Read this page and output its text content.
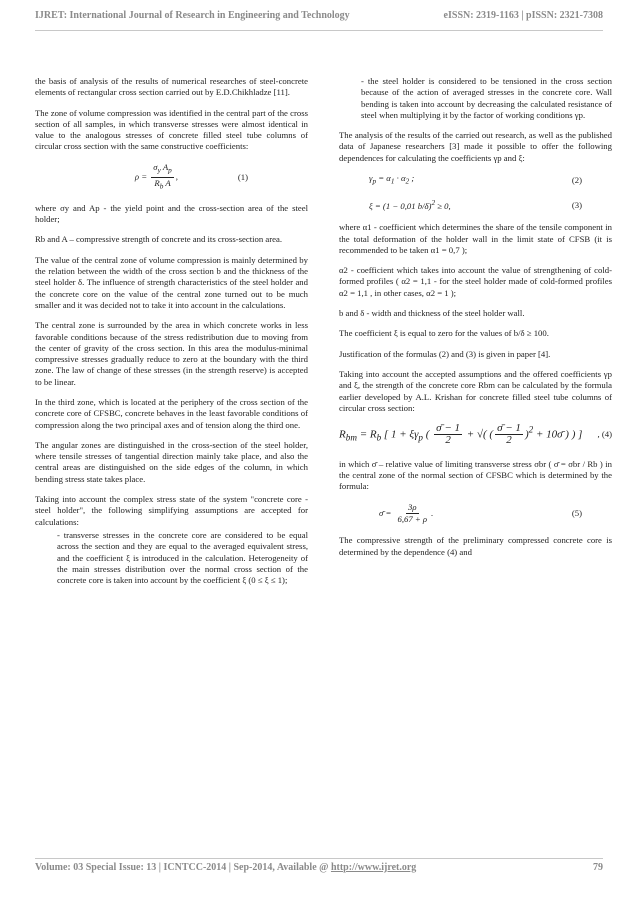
IJRET: International Journal of Research in Engineering and Technology	eISSN: 2319-1163 | pISSN: 2321-7308

the basis of analysis of the results of numerical researches of steel-concrete elements of rectangular cross section carried out by E.D.Chikhladze [11].

The zone of volume compression was identified in the central part of the cross section of all samples, in which transverse stresses were almost identical in value to the analogous stresses of concrete filled steel tube columns of circular cross section with the same constructive coefficients:

$\rho = \frac{\sigma_y A_p}{R_b A}$ ,	(1)

where σy and Ap - the yield point and the cross-section area of the steel holder;

Rb and A – compressive strength of concrete and its cross-section area.

The value of the central zone of volume compression is mainly determined by the relation between the width of the cross section b and the thickness of the steel holder δ. The influence of strength characteristics of the steel holder and the concrete core on the value of the central zone turned out to be much smaller and it was decided not to take it into account in the calculations.

The central zone is surrounded by the area in which concrete works in less favorable conditions because of the stress redistribution due to moving from the center of gravity of the cross section. In this area the modulus-minimal compressive stresses gradually reduce to zero at the boundary with the third zone. The law of change of these stresses (in the strength reserve) is accepted to be linear.

In the third zone, which is located at the periphery of the cross section of the concrete core of CFSBC, concrete behaves in the least favorable conditions of compression along the two principal axes and of tension along the third one.

The angular zones are distinguished in the cross-section of the steel holder, where tensile stresses of tangential direction mainly take place, and also the central areas are distinguished on the side edges of the column, in which bending stress state takes place.

Taking into account the complex stress state of the system "concrete core - steel holder", the following simplifying assumptions are accepted for calculations:

- transverse stresses in the concrete core are considered to be equal across the section and they are equal to the averaged equivalent stress, and the coefficient ξ is introduced in the calculation. Heterogeneity of the main stresses distribution over the normal cross section of the concrete core is taken into account by the coefficient ξ (0 ≤ ξ ≤ 1);

- the steel holder is considered to be tensioned in the cross section because of the action of averaged stresses in the concrete core. Wall bending is taken into account by decreasing the calculated resistance of steel when multiplying it by the factor of working conditions γp.

The analysis of the results of the carried out research, as well as the published data of Japanese researchers [3] made it possible to offer the following dependences for calculating the coefficients γp and ξ:

$\gamma_p = \alpha_1 \cdot \alpha_2$ ;	(2)
ξ = (1 − 0,01 b/δ)$^2$ ≥ 0,	(3)

where α1 - coefficient which determines the share of the tensile component in the total deformation of the holder wall in the limit state of CFSB (it is recommended to be taken α1 = 0,7 );

α2 - coefficient which takes into account the value of strengthening of cold-formed profiles ( α2 = 1,1 - for the steel holder made of cold-formed profiles α2 = 1,1 , in other cases, α2 = 1 );

b and δ - width and thickness of the steel holder wall.

The coefficient ξ is equal to zero for the values of b/δ ≥ 100.

Justification of the formulas (2) and (3) is given in paper [4].

Taking into account the accepted assumptions and the offered coefficients γp and ξ, the strength of the concrete core Rbm can be calculated by the formula earlier developed by A.L. Krishan for concrete filled steel tube columns of circular cross section:

$R_{bm} = R_b$ [ $1 + \xi\gamma_p$ ( $\frac{\sigmā - 1}{2}$ + √( ( $\frac{\sigmā - 1}{2} )^2$ + 10σ̄ ) ) ] , (4)

in which σ̄ – relative value of limiting transverse stress σbr ( σ̄ = σbr / Rb ) in the central zone of the normal section of CFSBC which is determined by the formula:

σ̄ = $\frac{3\rho}{6,67 + \rho}$ .	(5)

The compressive strength of the preliminary compressed concrete core is determined by the dependence (4) and

Volume: 03 Special Issue: 13 | ICNTCC-2014 | Sep-2014, Available @ http://www.ijret.org	79
